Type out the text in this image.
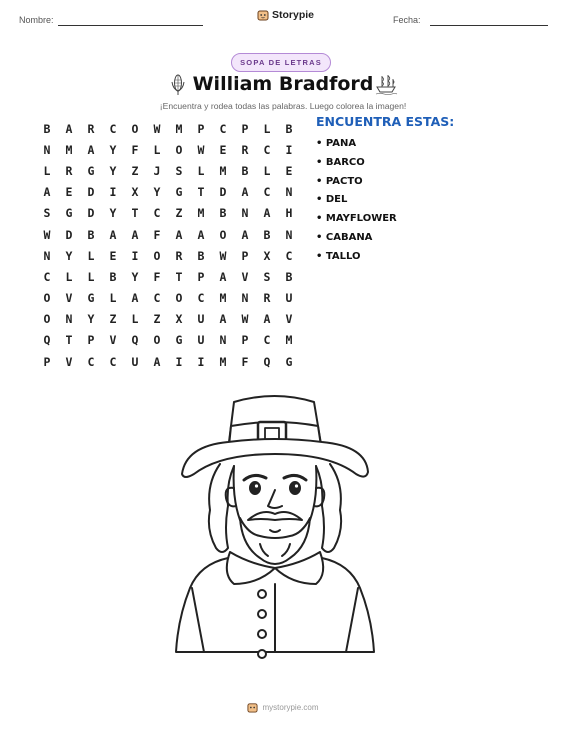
Nombre:	Storypie	Fecha:
SOPA DE LETRAS
William Bradford
¡Encuentra y rodea todas las palabras. Luego colorea la imagen!
B	A	R	C	O	W	M	P	C	P	L	B
N	M	A	Y	F	L	O	W	E	R	C	I
L	R	G	Y	Z	J	S	L	M	B	L	E
A	E	D	I	X	Y	G	T	D	A	C	N
S	G	D	Y	T	C	Z	M	B	N	A	H
W	D	B	A	A	F	A	A	O	A	B	N
N	Y	L	E	I	O	R	B	W	P	X	C
C	L	L	B	Y	F	T	P	A	V	S	B
O	V	G	L	A	C	O	C	M	N	R	U
O	N	Y	Z	L	Z	X	U	A	W	A	V
Q	T	P	V	Q	O	G	U	N	P	C	M
P	V	C	C	U	A	I	I	M	F	Q	G
ENCUENTRA ESTAS:
• PANA
• BARCO
• PACTO
• DEL
• MAYFLOWER
• CABANA
• TALLO
mystorypie.com
